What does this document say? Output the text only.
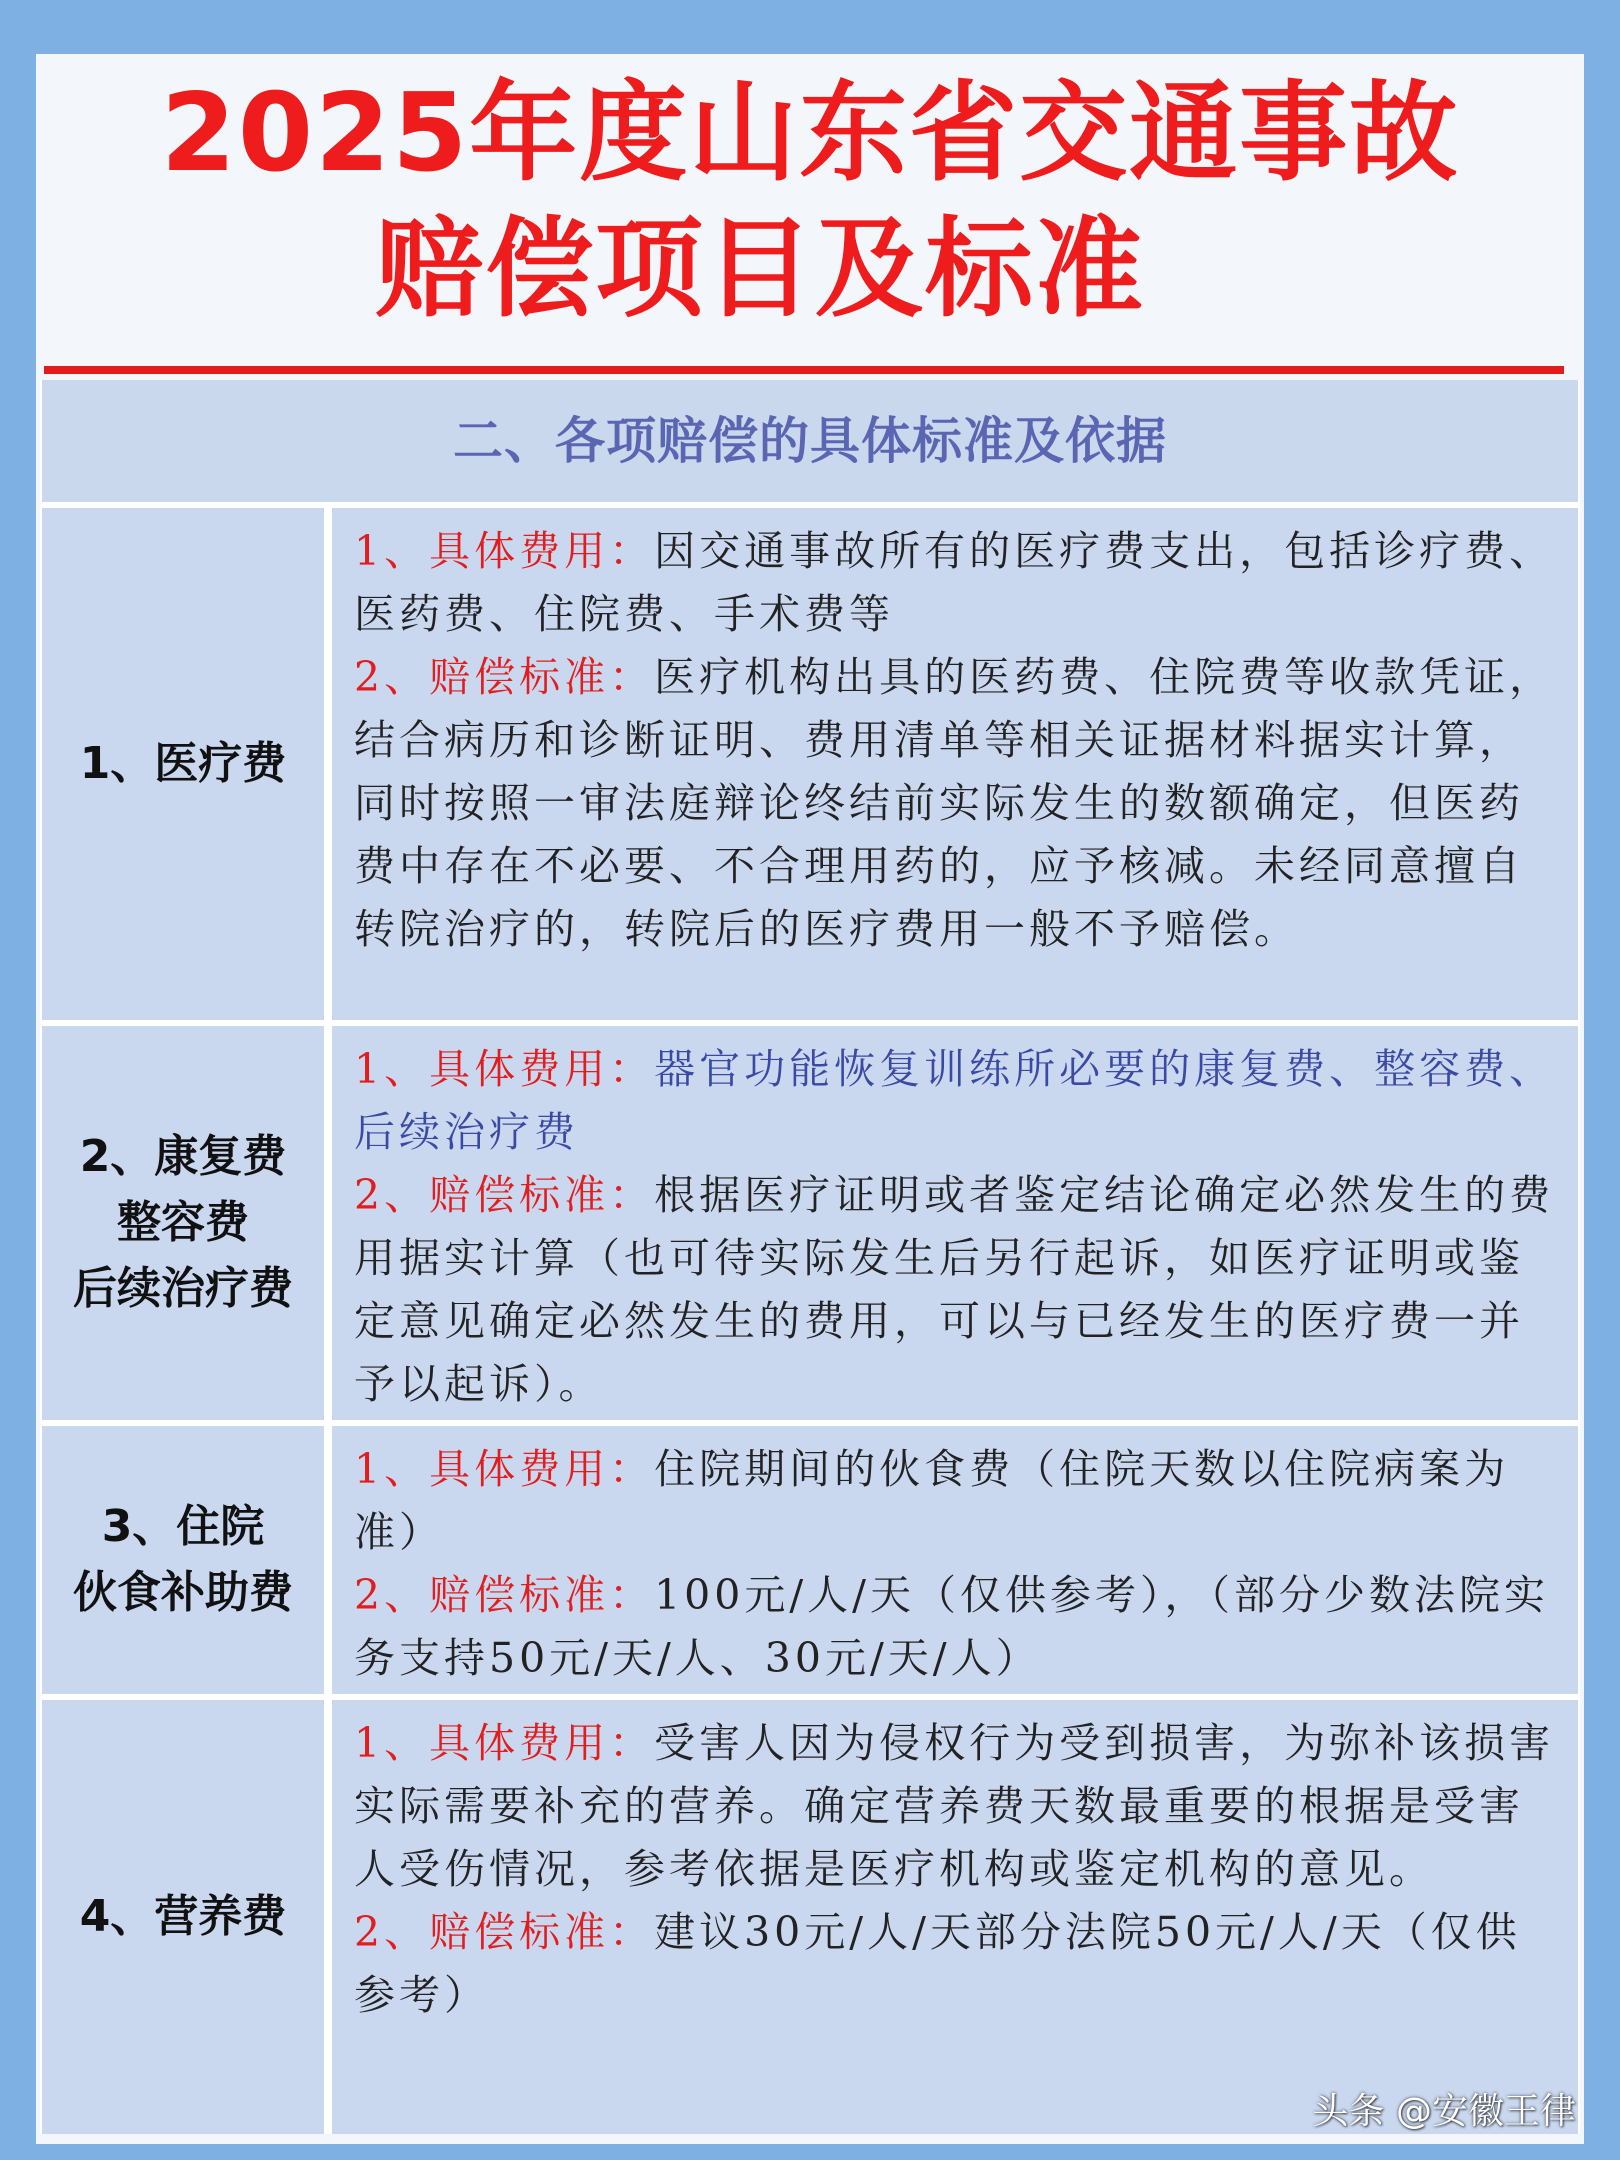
2025年度山东省交通事故
赔偿项目及标准
二、各项赔偿的具体标准及依据
1、医疗费

1、具体费用：因交通事故所有的医疗费支出，包括诊疗费、医药费、住院费、手术费等

2、赔偿标准：医疗机构出具的医药费、住院费等收款凭证，结合病历和诊断证明、费用清单等相关证据材料据实计算，同时按照一审法庭辩论终结前实际发生的数额确定，但医药费中存在不必要、不合理用药的，应予核减。未经同意擅自转院治疗的，转院后的医疗费用一般不予赔偿。

2、康复费
整容费
后续治疗费

1、具体费用：器官功能恢复训练所必要的康复费、整容费、后续治疗费

2、赔偿标准：根据医疗证明或者鉴定结论确定必然发生的费用据实计算（也可待实际发生后另行起诉，如医疗证明或鉴定意见确定必然发生的费用，可以与已经发生的医疗费一并予以起诉）。

3、住院
伙食补助费

1、具体费用：住院期间的伙食费（住院天数以住院病案为准）

2、赔偿标准：100元/人/天（仅供参考），（部分少数法院实务支持50元/天/人、30元/天/人）

4、营养费

1、具体费用：受害人因为侵权行为受到损害，为弥补该损害实际需要补充的营养。确定营养费天数最重要的根据是受害人受伤情况，参考依据是医疗机构或鉴定机构的意见。

2、赔偿标准：建议30元/人/天部分法院50元/人/天（仅供参考）

头条 @安徽王律
